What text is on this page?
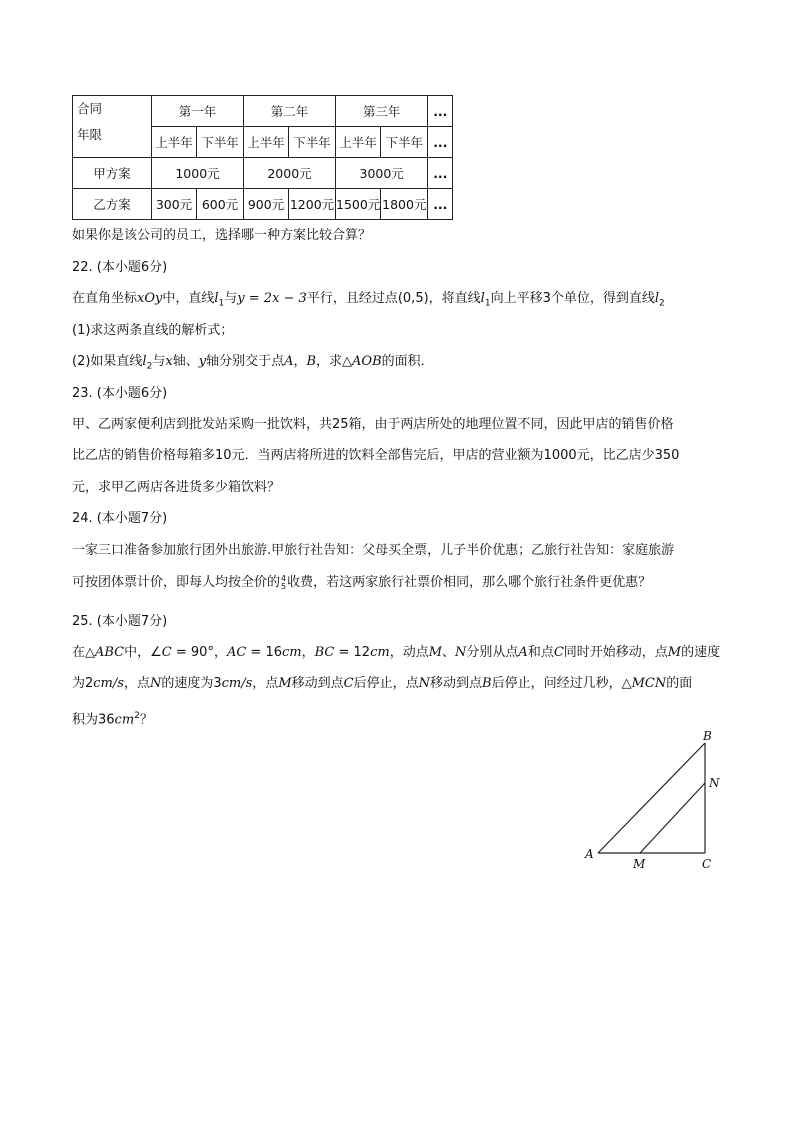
合同
年限	第一年		第二年		第三年		...
	上半年	下半年	上半年	下半年	上半年	下半年	...
甲方案	1000元		2000元		3000元		...
乙方案	300元	600元	900元	1200元	1500元	1800元	...
如果你是该公司的员工，选择哪一种方案比较合算？
22. (本小题6分)
在直角坐标xOy中，直线$l_1$与y = 2x − 3平行，且经过点(0,5)，将直线$l_1$向上平移3个单位，得到直线$l_2$
(1)求这两条直线的解析式；
(2)如果直线$l_2$与x轴、y轴分别交于点A，B，求△AOB的面积．
23. (本小题6分)
甲、乙两家便利店到批发站采购一批饮料，共25箱，由于两店所处的地理位置不同，因此甲店的销售价格
比乙店的销售价格每箱多10元．当两店将所进的饮料全部售完后，甲店的营业额为1000元，比乙店少350
元，求甲乙两店各进货多少箱饮料？
24. (本小题7分)
一家三口准备参加旅行团外出旅游.甲旅行社告知：父母买全票，儿子半价优惠；乙旅行社告知：家庭旅游
可按团体票计价，即每人均按全价的 4
5 收费，若这两家旅行社票价相同，那么哪个旅行社条件更优惠？
25. (本小题7分)
在△ABC中，∠C = 90°，AC = 16cm，BC = 12cm，动点M、N分别从点A和点C同时开始移动，点M的速度
为2cm/s，点N的速度为3cm/s，点M移动到点C后停止，点N移动到点B后停止，问经过几秒，△MCN的面
积为$36cm^2$？
A
B
C
M
N
